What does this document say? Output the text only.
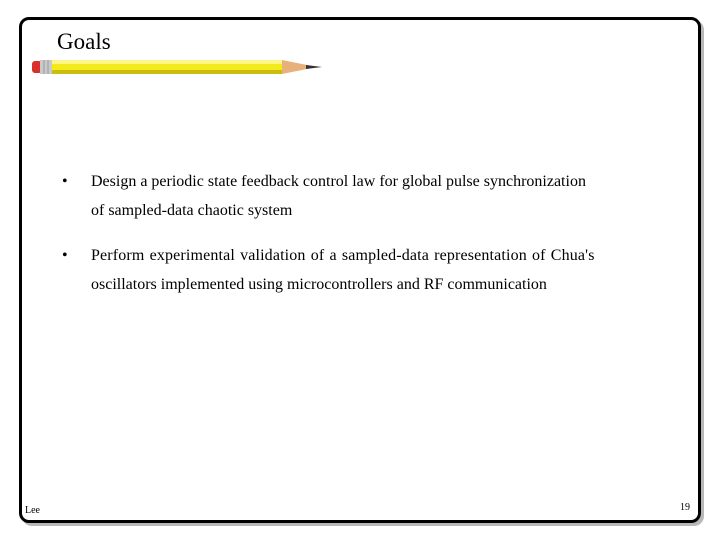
Goals
• Design a periodic state feedback control law for global pulse synchronization
of sampled-data chaotic system
• Perform experimental validation of a sampled-data representation of Chua's
oscillators implemented using microcontrollers and RF communication
Lee	19
